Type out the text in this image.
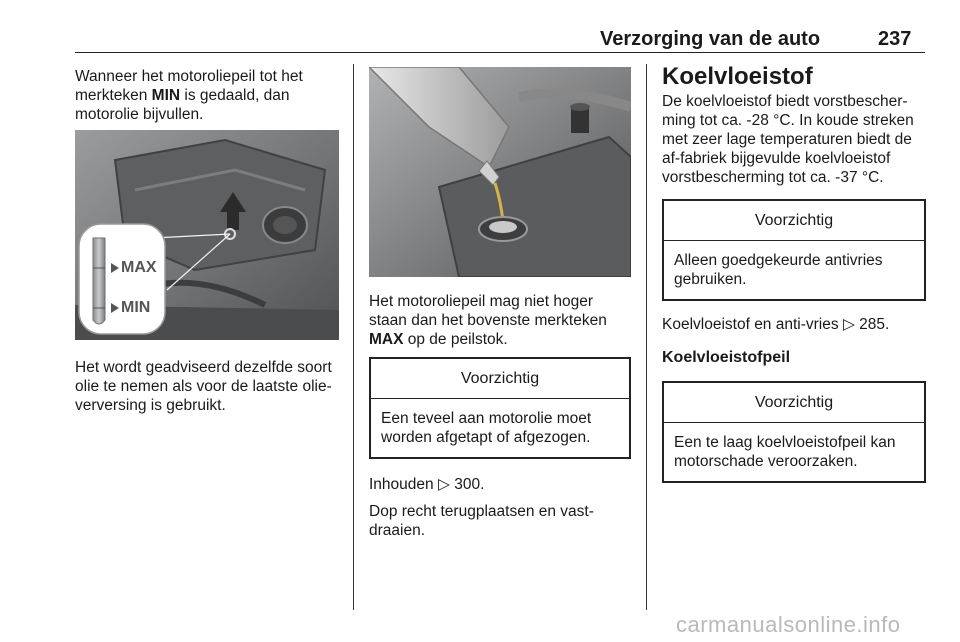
Verzorging van de auto	237

Wanneer het motoroliepeil tot het merkteken MIN is gedaald, dan motorolie bijvullen.

MAX
MIN

Het wordt geadviseerd dezelfde soort olie te nemen als voor de laatste olie-verversing is gebruikt.

Het motoroliepeil mag niet hoger staan dan het bovenste merkteken MAX op de peilstok.

Voorzichtig
Een teveel aan motorolie moet worden afgetapt of afgezogen.

Inhouden ▷ 300.

Dop recht terugplaatsen en vast-draaien.

Koelvloeistof

De koelvloeistof biedt vorstbescher-ming tot ca. -28 °C. In koude streken met zeer lage temperaturen biedt de af-fabriek bijgevulde koelvloeistof vorstbescherming tot ca. -37 °C.

Voorzichtig
Alleen goedgekeurde antivries gebruiken.

Koelvloeistof en anti-vries ▷ 285.

Koelvloeistofpeil
Voorzichtig
Een te laag koelvloeistofpeil kan motorschade veroorzaken.
carmanualsonline.info
